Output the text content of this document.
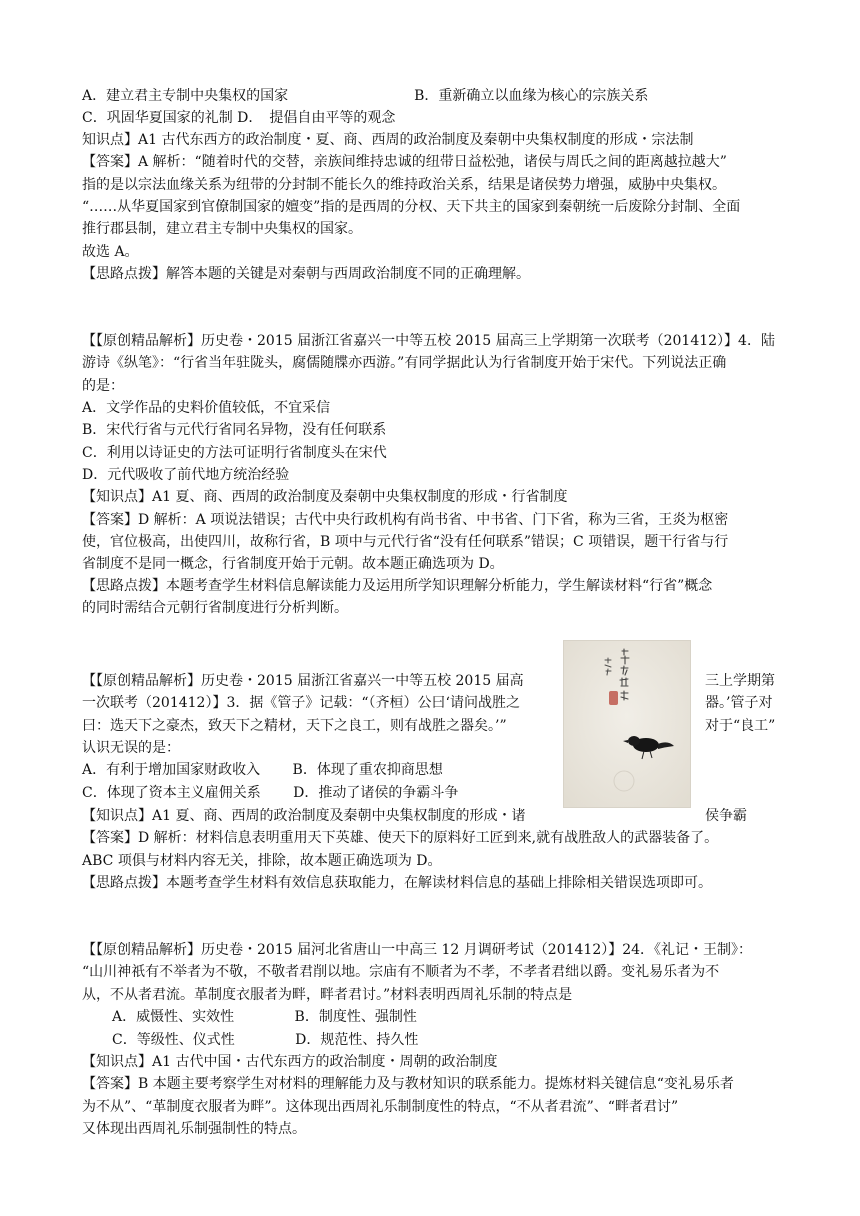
A．建立君主专制中央集权的国家　　　　　　　　　B．重新确立以血缘为核心的宗族关系
C．巩固华夏国家的礼制 D．　提倡自由平等的观念
知识点】A1 古代东西方的政治制度・夏、商、西周的政治制度及秦朝中央集权制度的形成・宗法制
【答案】A 解析：“随着时代的交替，亲族间维持忠诚的纽带日益松弛，诸侯与周氏之间的距离越拉越大”
指的是以宗法血缘关系为纽带的分封制不能长久的维持政治关系，结果是诸侯势力增强，威胁中央集权。
“……从华夏国家到官僚制国家的嬗变”指的是西周的分权、天下共主的国家到秦朝统一后废除分封制、全面
推行郡县制，建立君主专制中央集权的国家。
故选 A。
【思路点拨】解答本题的关键是对秦朝与西周政治制度不同的正确理解。
【【原创精品解析】历史卷・2015 届浙江省嘉兴一中等五校 2015 届高三上学期第一次联考（201412）】4．陆
游诗《纵笔》：“行省当年驻陇头，腐儒随牒亦西游。”有同学据此认为行省制度开始于宋代。下列说法正确
的是：
A．文学作品的史料价值较低，不宜采信
B．宋代行省与元代行省同名异物，没有任何联系
C．利用以诗证史的方法可证明行省制度头在宋代
D．元代吸收了前代地方统治经验
【知识点】A1 夏、商、西周的政治制度及秦朝中央集权制度的形成・行省制度
【答案】D 解析：A 项说法错误；古代中央行政机构有尚书省、中书省、门下省，称为三省，王炎为枢密
使，官位极高，出使四川，故称行省，B 项中与元代行省“没有任何联系”错误；C 项错误，题干行省与行
省制度不是同一概念，行省制度开始于元朝。故本题正确选项为 D。
【思路点拨】本题考查学生材料信息解读能力及运用所学知识理解分析能力，学生解读材料“行省”概念
的同时需结合元朝行省制度进行分析判断。
【【原创精品解析】历史卷・2015 届浙江省嘉兴一中等五校 2015 届高	三上学期第
一次联考（201412）】3．据《管子》记载：“（齐桓）公曰‘请问战胜之	器。’管子对
曰：选天下之豪杰，致天下之精材，天下之良工，则有战胜之器矣。’”	对于“良工”
认识无误的是：
A．有利于增加国家财政收入　　 B．体现了重农抑商思想
C．体现了资本主义雇佣关系　　 D．推动了诸侯的争霸斗争
【知识点】A1 夏、商、西周的政治制度及秦朝中央集权制度的形成・诸	侯争霸
【答案】D 解析：材料信息表明重用天下英雄、使天下的原料好工匠到来,就有战胜敌人的武器装备了。
ABC 项俱与材料内容无关，排除，故本题正确选项为 D。
【思路点拨】本题考查学生材料有效信息获取能力，在解读材料信息的基础上排除相关错误选项即可。
【【原创精品解析】历史卷・2015 届河北省唐山一中高三 12 月调研考试（201412）】24．《礼记・王制》：
“山川神祇有不举者为不敬，不敬者君削以地。宗庙有不顺者为不孝，不孝者君绌以爵。变礼易乐者为不
从，不从者君流。革制度衣服者为畔，畔者君讨。”材料表明西周礼乐制的特点是
A．威慑性、实效性　　　　 B．制度性、强制性
C．等级性、仪式性　　　　 D．规范性、持久性
【知识点】A1 古代中国・古代东西方的政治制度・周朝的政治制度
【答案】B 本题主要考察学生对材料的理解能力及与教材知识的联系能力。提炼材料关键信息“变礼易乐者
为不从”、“革制度衣服者为畔”。这体现出西周礼乐制制度性的特点，“不从者君流”、“畔者君讨”
又体现出西周礼乐制强制性的特点。
